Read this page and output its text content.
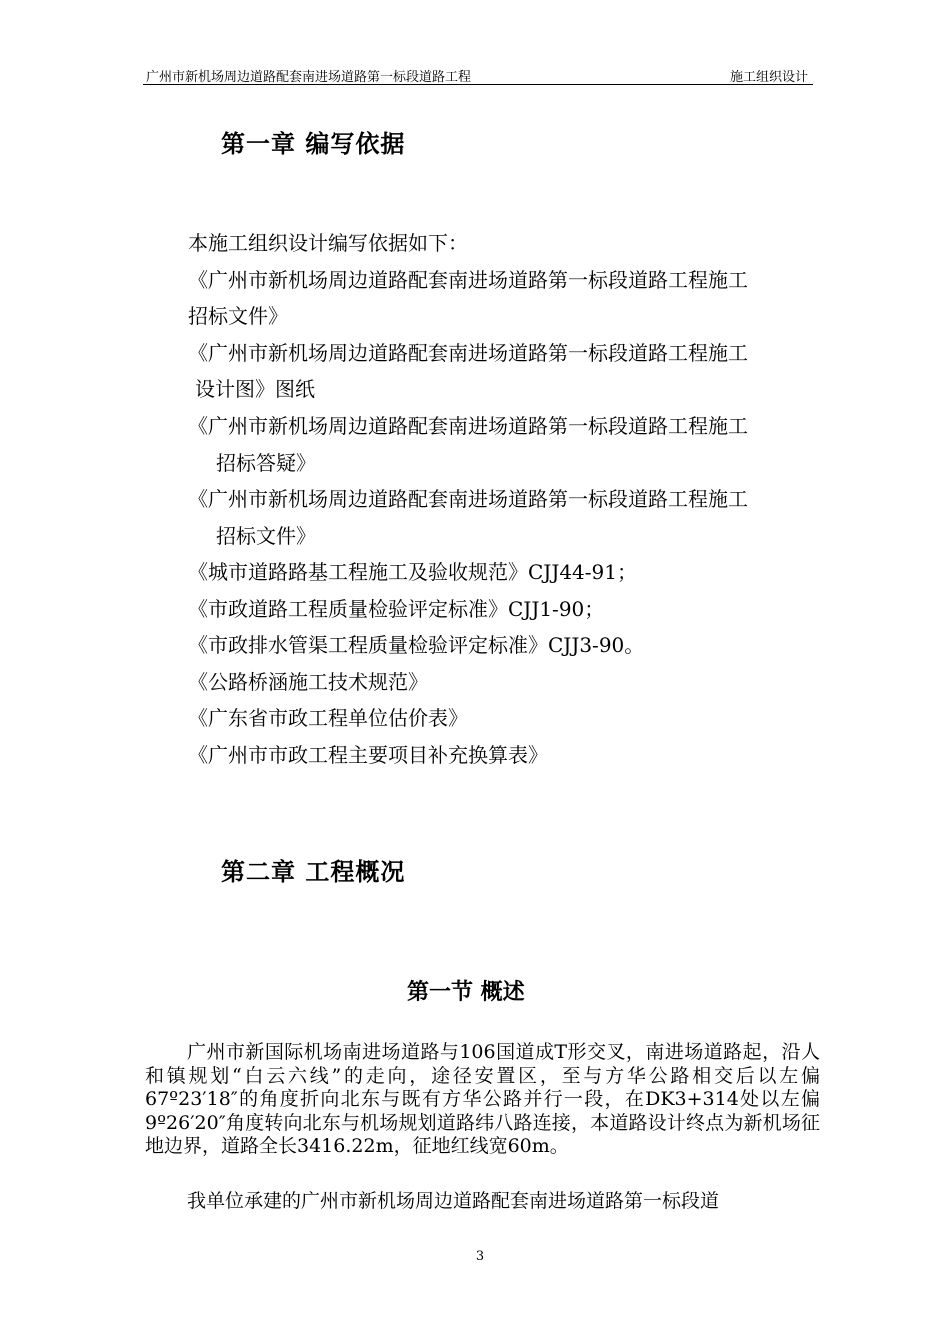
广州市新机场周边道路配套南进场道路第一标段道路工程	施工组织设计
第一章 编写依据
本施工组织设计编写依据如下：
《广州市新机场周边道路配套南进场道路第一标段道路工程施工
招标文件》
《广州市新机场周边道路配套南进场道路第一标段道路工程施工
设计图》图纸
《广州市新机场周边道路配套南进场道路第一标段道路工程施工
招标答疑》
《广州市新机场周边道路配套南进场道路第一标段道路工程施工
招标文件》
《城市道路路基工程施工及验收规范》CJJ44-91；
《市政道路工程质量检验评定标准》CJJ1-90；
《市政排水管渠工程质量检验评定标准》CJJ3-90。
《公路桥涵施工技术规范》
《广东省市政工程单位估价表》
《广州市市政工程主要项目补充换算表》
第二章 工程概况
第一节 概述

广州市新国际机场南进场道路与106国道成T形交叉，南进场道路起，沿人和镇规划“白云六线”的走向，途径安置区，至与方华公路相交后以左偏67º23′18″的角度折向北东与既有方华公路并行一段，在DK3+314处以左偏9º26′20″角度转向北东与机场规划道路纬八路连接，本道路设计终点为新机场征地边界，道路全长3416.22m，征地红线宽60m。

我单位承建的广州市新机场周边道路配套南进场道路第一标段道

3
